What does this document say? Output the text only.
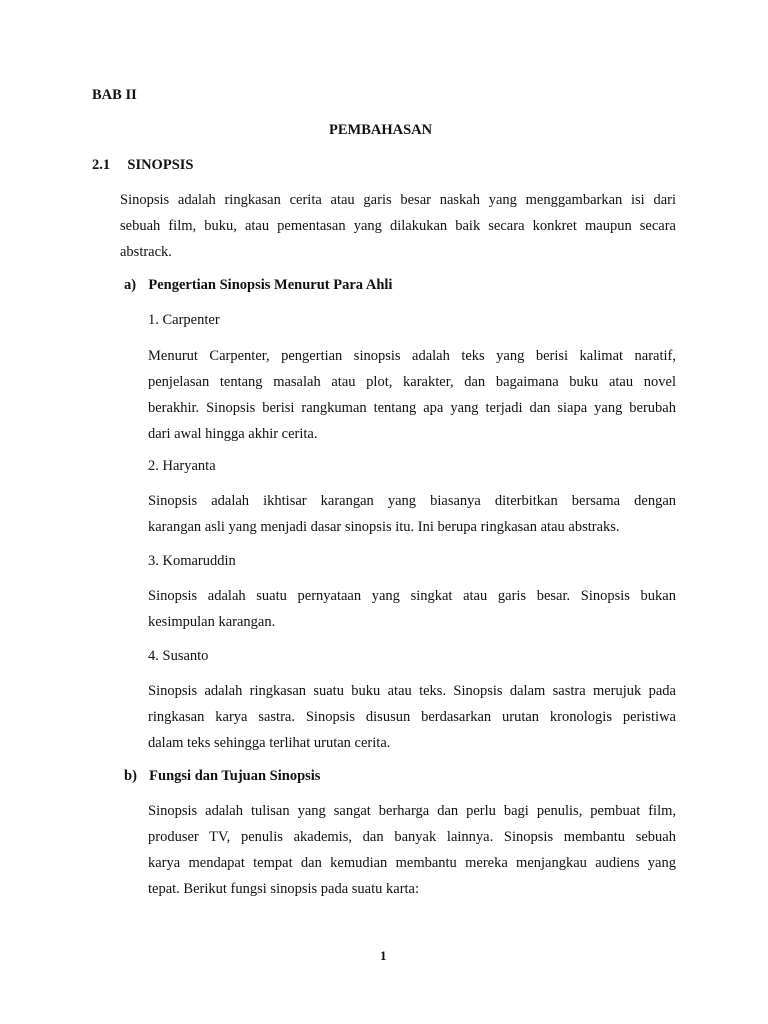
BAB II
PEMBAHASAN
2.1 SINOPSIS
Sinopsis adalah ringkasan cerita atau garis besar naskah yang menggambarkan isi dari
sebuah film, buku, atau pementasan yang dilakukan baik secara konkret maupun secara
abstrack.
a) Pengertian Sinopsis Menurut Para Ahli
1. Carpenter
Menurut Carpenter, pengertian sinopsis adalah teks yang berisi kalimat naratif,
penjelasan tentang masalah atau plot, karakter, dan bagaimana buku atau novel
berakhir. Sinopsis berisi rangkuman tentang apa yang terjadi dan siapa yang berubah
dari awal hingga akhir cerita.
2. Haryanta
Sinopsis adalah ikhtisar karangan yang biasanya diterbitkan bersama dengan
karangan asli yang menjadi dasar sinopsis itu. Ini berupa ringkasan atau abstraks.
3. Komaruddin
Sinopsis adalah suatu pernyataan yang singkat atau garis besar. Sinopsis bukan
kesimpulan karangan.
4. Susanto
Sinopsis adalah ringkasan suatu buku atau teks. Sinopsis dalam sastra merujuk pada
ringkasan karya sastra. Sinopsis disusun berdasarkan urutan kronologis peristiwa
dalam teks sehingga terlihat urutan cerita.
b) Fungsi dan Tujuan Sinopsis
Sinopsis adalah tulisan yang sangat berharga dan perlu bagi penulis, pembuat film,
produser TV, penulis akademis, dan banyak lainnya. Sinopsis membantu sebuah
karya mendapat tempat dan kemudian membantu mereka menjangkau audiens yang
tepat. Berikut fungsi sinopsis pada suatu karta:
1
